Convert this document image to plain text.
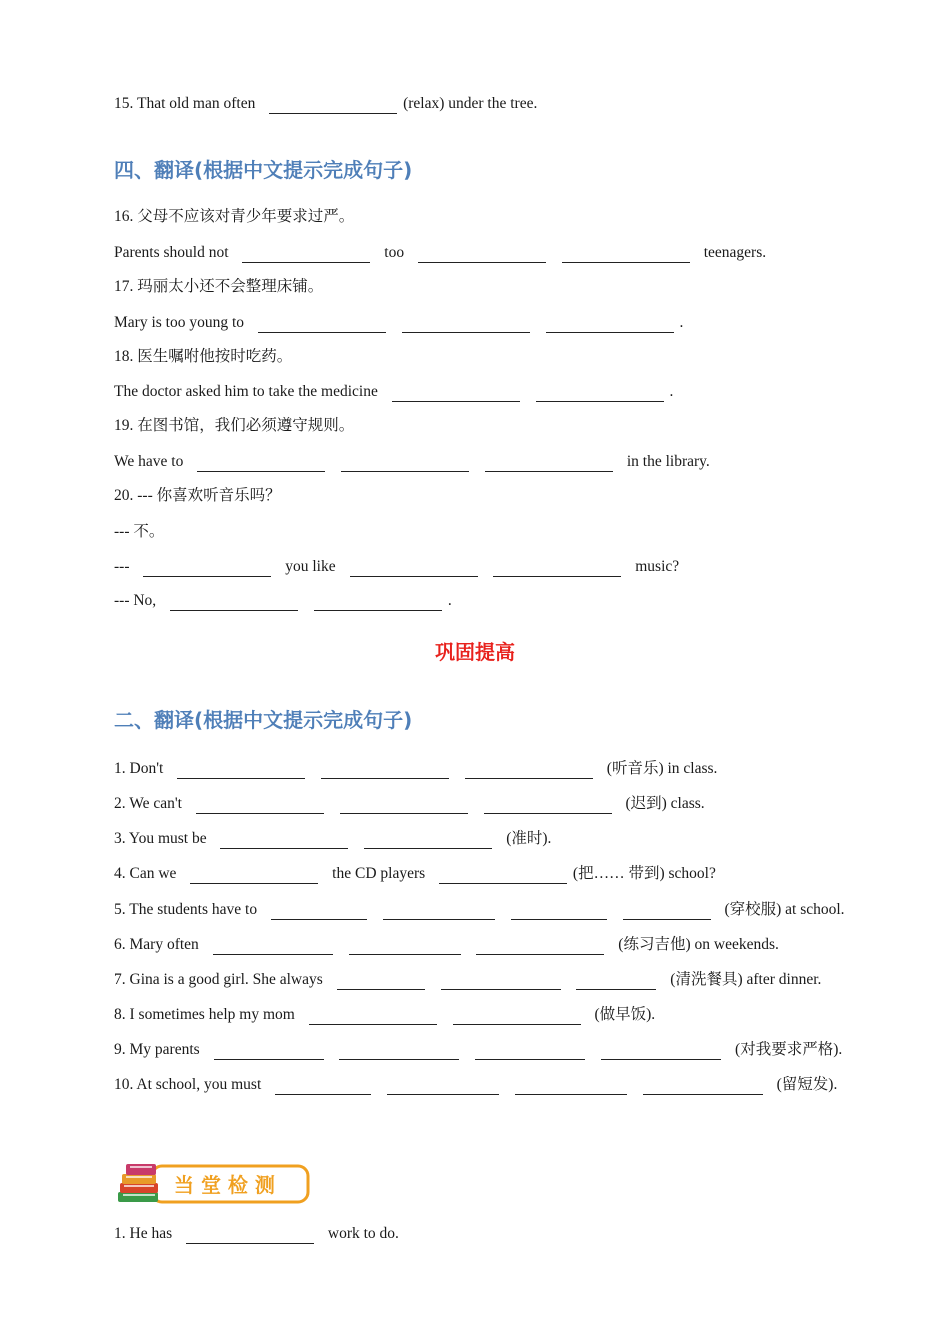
15. That old man often	(relax) under the tree.
四、翻译(根据中文提示完成句子)
16. 父母不应该对青少年要求过严。
Parents should not	too	teenagers.
17. 玛丽太小还不会整理床铺。
Mary is too young to	.
18. 医生嘱咐他按时吃药。
The doctor asked him to take the medicine	.
19. 在图书馆，我们必须遵守规则。
We have to	in the library.
20. --- 你喜欢听音乐吗？
--- 不。
---	you like	music?
--- No,	.
巩固提高
二、翻译(根据中文提示完成句子)
1. Don't	(听音乐) in class.
2. We can't	(迟到) class.
3. You must be	(准时).
4. Can we	the CD players	(把…… 带到) school?
5. The students have to	(穿校服) at school.
6. Mary often	(练习吉他) on weekends.
7. Gina is a good girl. She always	(清洗餐具) after dinner.
8. I sometimes help my mom	(做早饭).
9. My parents	(对我要求严格).
10. At school, you must	(留短发).
当 堂 检 测
1. He has	work to do.
